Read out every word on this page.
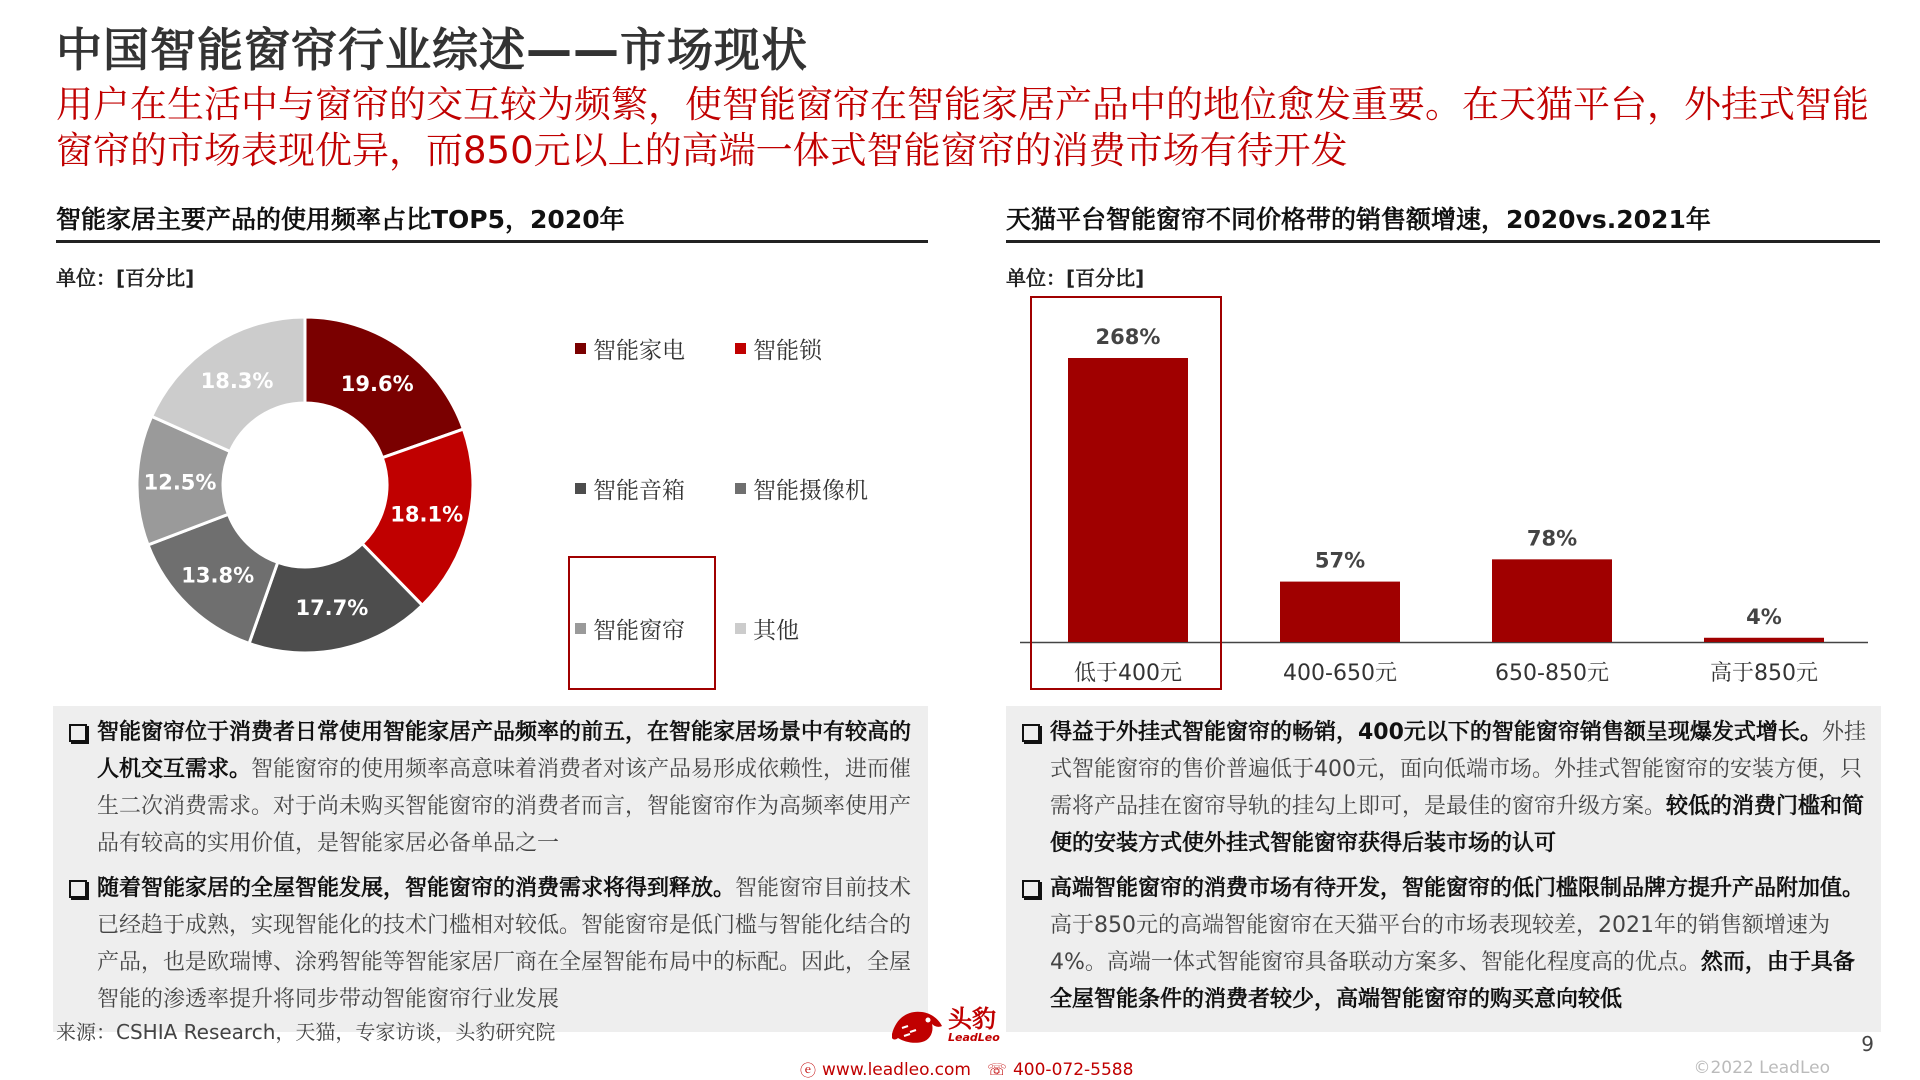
中国智能窗帘行业综述——市场现状
用户在生活中与窗帘的交互较为频繁，使智能窗帘在智能家居产品中的地位愈发重要。在天猫平台，外挂式智能窗帘的市场表现优异，而850元以上的高端一体式智能窗帘的消费市场有待开发
智能家居主要产品的使用频率占比TOP5，2020年
单位：[百分比]
19.6%
18.1%
17.7%
13.8%
12.5%
18.3%
智能家电	智能锁
智能音箱	智能摄像机
智能窗帘	其他
天猫平台智能窗帘不同价格带的销售额增速，2020vs.2021年
单位：[百分比]
268%
低于400元
57%
400-650元
78%
650-850元
4%
高于850元
智能窗帘位于消费者日常使用智能家居产品频率的前五，在智能家居场景中有较高的人机交互需求。智能窗帘的使用频率高意味着消费者对该产品易形成依赖性，进而催生二次消费需求。对于尚未购买智能窗帘的消费者而言，智能窗帘作为高频率使用产品有较高的实用价值，是智能家居必备单品之一
随着智能家居的全屋智能发展，智能窗帘的消费需求将得到释放。智能窗帘目前技术已经趋于成熟，实现智能化的技术门槛相对较低。智能窗帘是低门槛与智能化结合的产品，也是欧瑞博、涂鸦智能等智能家居厂商在全屋智能布局中的标配。因此，全屋智能的渗透率提升将同步带动智能窗帘行业发展
得益于外挂式智能窗帘的畅销，400元以下的智能窗帘销售额呈现爆发式增长。外挂式智能窗帘的售价普遍低于400元，面向低端市场。外挂式智能窗帘的安装方便，只需将产品挂在窗帘导轨的挂勾上即可，是最佳的窗帘升级方案。较低的消费门槛和简便的安装方式使外挂式智能窗帘获得后装市场的认可
高端智能窗帘的消费市场有待开发，智能窗帘的低门槛限制品牌方提升产品附加值。高于850元的高端智能窗帘在天猫平台的市场表现较差，2021年的销售额增速为4%。高端一体式智能窗帘具备联动方案多、智能化程度高的优点。然而，由于具备全屋智能条件的消费者较少，高端智能窗帘的购买意向较低
来源：CSHIA Research，天猫，专家访谈，头豹研究院	头豹
LeadLeo
ⓔ www.leadleo.com ☏ 400-072-5588
9
©2022 LeadLeo
